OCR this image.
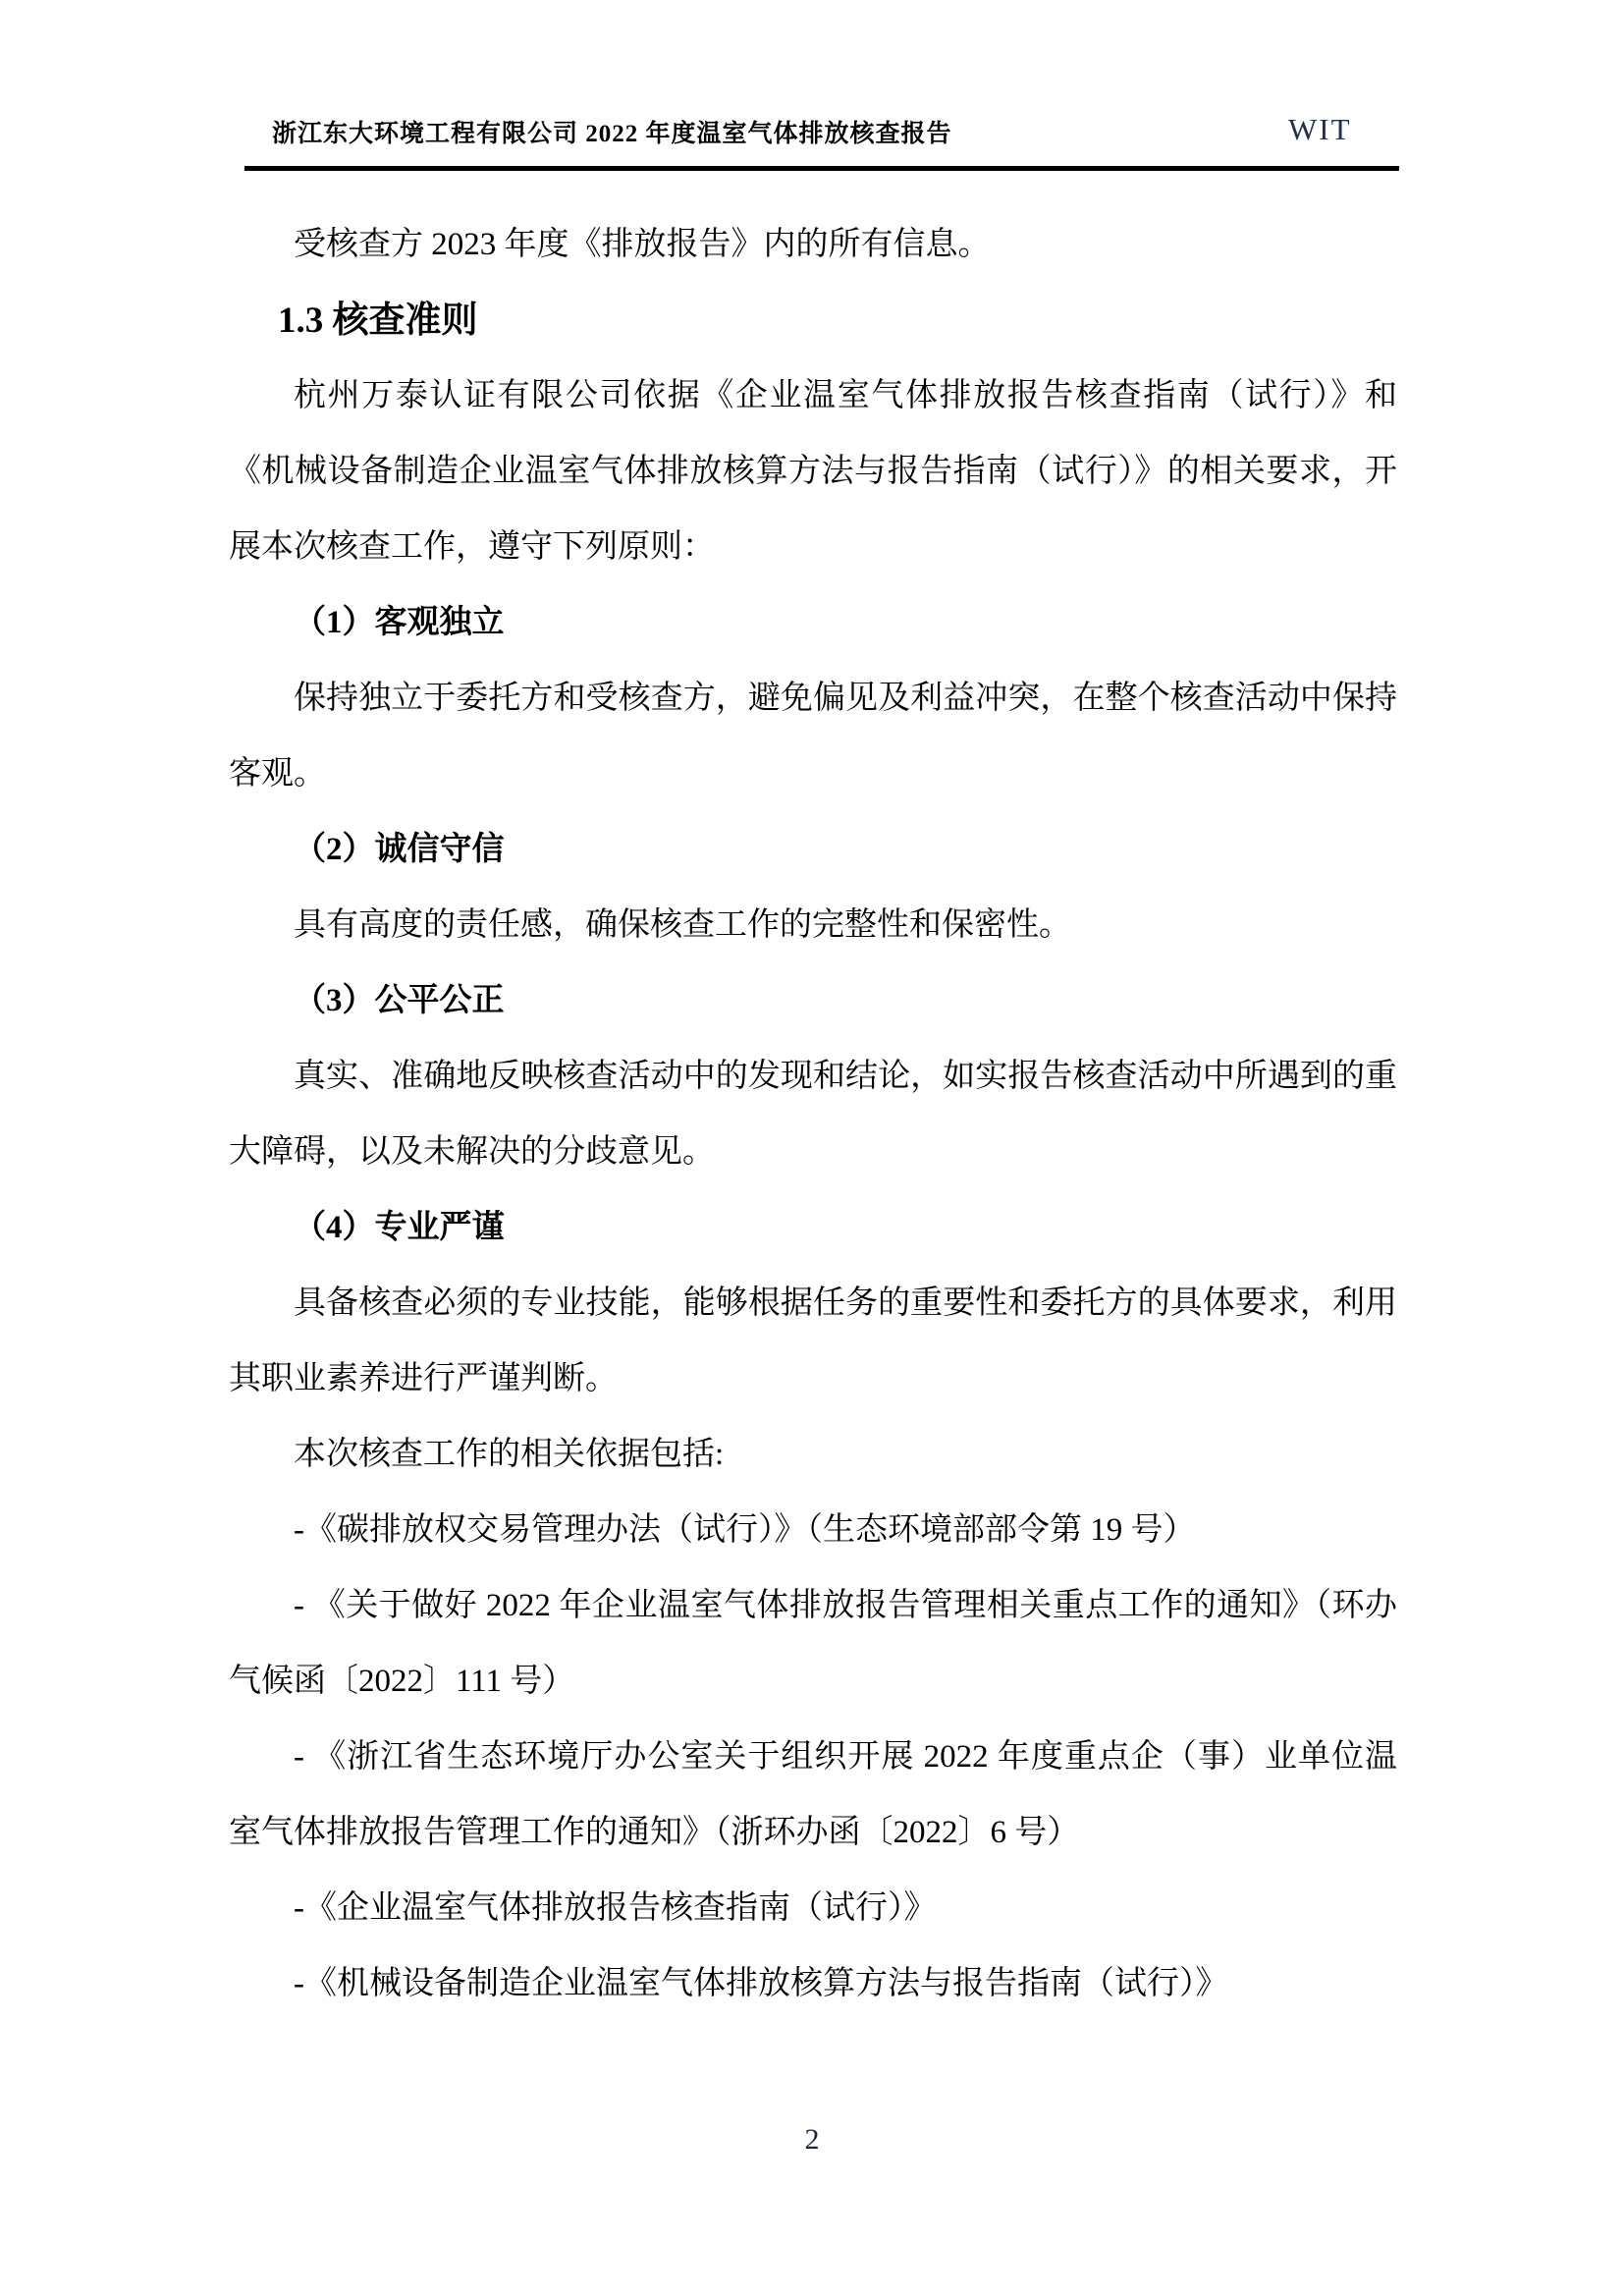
浙江东大环境工程有限公司 2022 年度温室气体排放核查报告	WIT

受核查方 2023 年度《排放报告》内的所有信息。

1.3 核查准则

杭州万泰认证有限公司依据《企业温室气体排放报告核查指南（试行）》和《机械设备制造企业温室气体排放核算方法与报告指南（试行）》的相关要求，开展本次核查工作，遵守下列原则：

（1）客观独立

保持独立于委托方和受核查方，避免偏见及利益冲突，在整个核查活动中保持客观。

（2）诚信守信

具有高度的责任感，确保核查工作的完整性和保密性。

（3）公平公正

真实、准确地反映核查活动中的发现和结论，如实报告核查活动中所遇到的重大障碍，以及未解决的分歧意见。

（4）专业严谨

具备核查必须的专业技能，能够根据任务的重要性和委托方的具体要求，利用其职业素养进行严谨判断。

本次核查工作的相关依据包括:

-《碳排放权交易管理办法（试行）》（生态环境部部令第 19 号）

- 《关于做好 2022 年企业温室气体排放报告管理相关重点工作的通知》（环办气候函〔2022〕111 号）

- 《浙江省生态环境厅办公室关于组织开展 2022 年度重点企（事）业单位温室气体排放报告管理工作的通知》（浙环办函〔2022〕6 号）

-《企业温室气体排放报告核查指南（试行）》

-《机械设备制造企业温室气体排放核算方法与报告指南（试行）》

2
